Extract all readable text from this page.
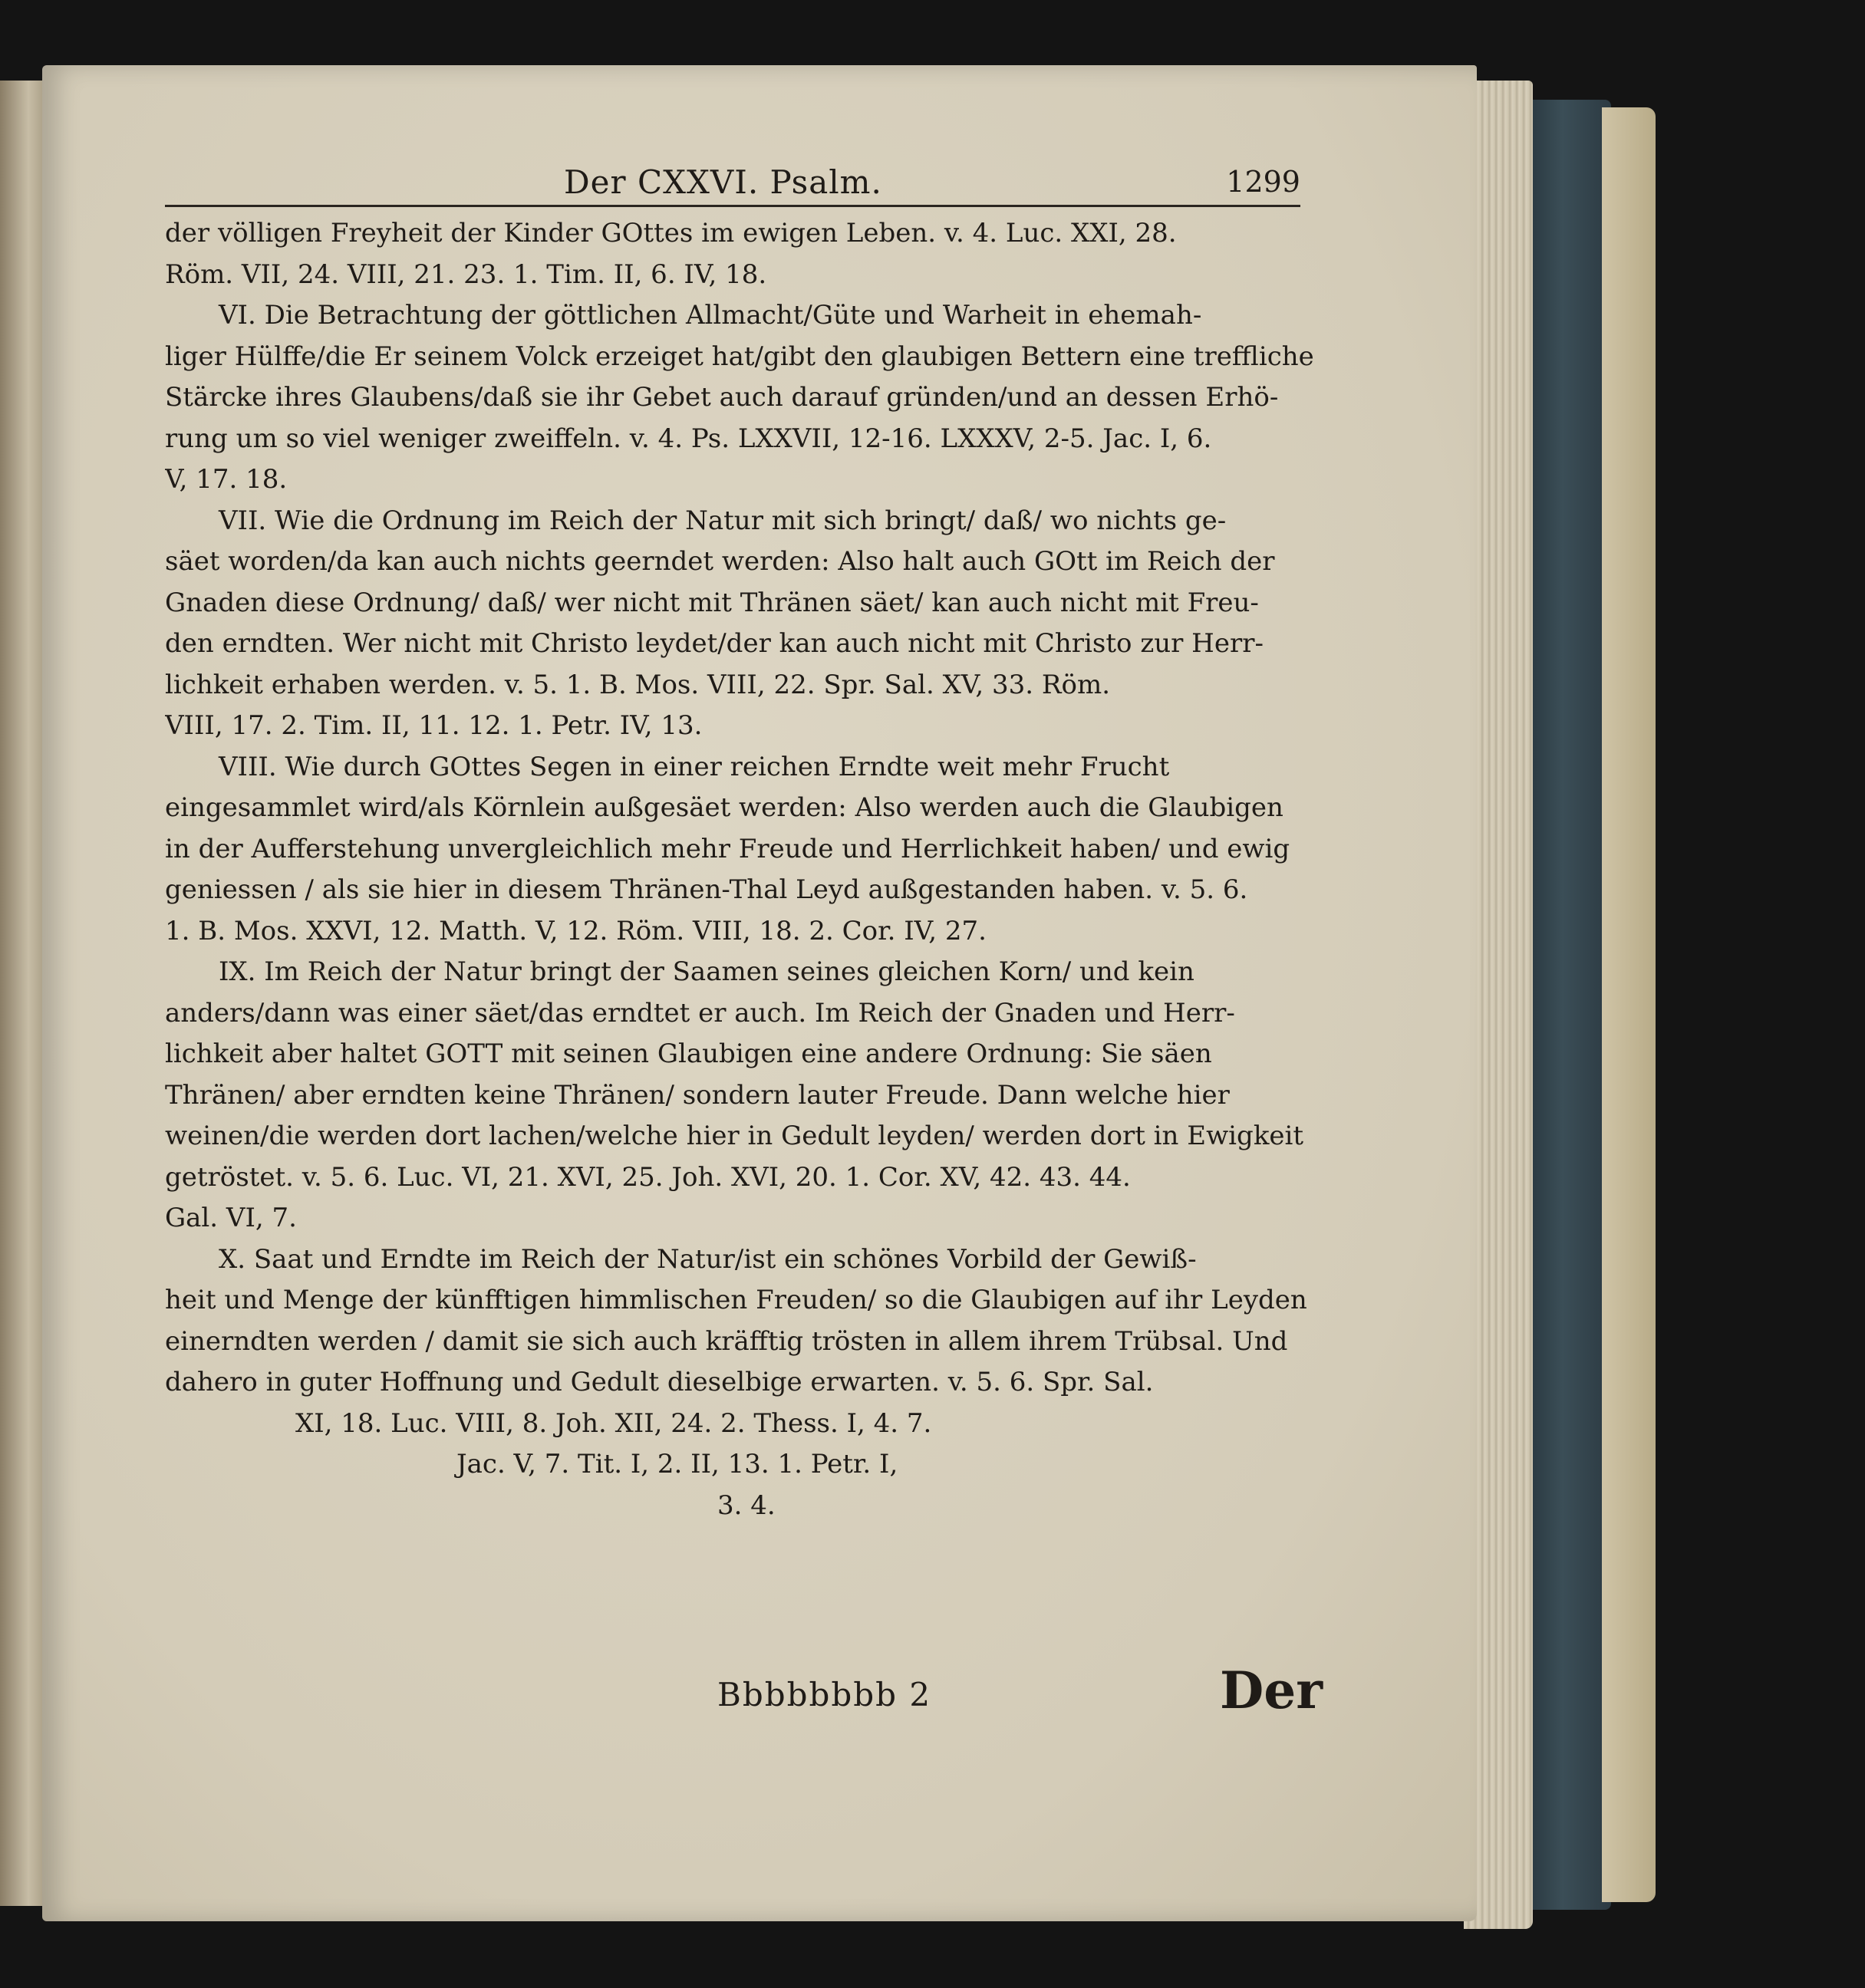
Der CXXVI. Psalm.	1299
der völligen Freyheit der Kinder GOttes im ewigen Leben. v. 4. Luc. XXI, 28.
Röm. VII, 24. VIII, 21. 23. 1. Tim. II, 6. IV, 18.
VI. Die Betrachtung der göttlichen Allmacht/Güte und Warheit in ehemah-
liger Hülffe/die Er seinem Volck erzeiget hat/gibt den glaubigen Bettern eine treffliche
Stärcke ihres Glaubens/daß sie ihr Gebet auch darauf gründen/und an dessen Erhö-
rung um so viel weniger zweiffeln. v. 4. Ps. LXXVII, 12-16. LXXXV, 2-5. Jac. I, 6.
V, 17. 18.
VII. Wie die Ordnung im Reich der Natur mit sich bringt/ daß/ wo nichts ge-
säet worden/da kan auch nichts geerndet werden: Also halt auch GOtt im Reich der
Gnaden diese Ordnung/ daß/ wer nicht mit Thränen säet/ kan auch nicht mit Freu-
den erndten. Wer nicht mit Christo leydet/der kan auch nicht mit Christo zur Herr-
lichkeit erhaben werden. v. 5. 1. B. Mos. VIII, 22. Spr. Sal. XV, 33. Röm.
VIII, 17. 2. Tim. II, 11. 12. 1. Petr. IV, 13.
VIII. Wie durch GOttes Segen in einer reichen Erndte weit mehr Frucht
eingesammlet wird/als Körnlein außgesäet werden: Also werden auch die Glaubigen
in der Aufferstehung unvergleichlich mehr Freude und Herrlichkeit haben/ und ewig
geniessen / als sie hier in diesem Thränen-Thal Leyd außgestanden haben. v. 5. 6.
1. B. Mos. XXVI, 12. Matth. V, 12. Röm. VIII, 18. 2. Cor. IV, 27.
IX. Im Reich der Natur bringt der Saamen seines gleichen Korn/ und kein
anders/dann was einer säet/das erndtet er auch. Im Reich der Gnaden und Herr-
lichkeit aber haltet GOTT mit seinen Glaubigen eine andere Ordnung: Sie säen
Thränen/ aber erndten keine Thränen/ sondern lauter Freude. Dann welche hier
weinen/die werden dort lachen/welche hier in Gedult leyden/ werden dort in Ewigkeit
getröstet. v. 5. 6. Luc. VI, 21. XVI, 25. Joh. XVI, 20. 1. Cor. XV, 42. 43. 44.
Gal. VI, 7.
X. Saat und Erndte im Reich der Natur/ist ein schönes Vorbild der Gewiß-
heit und Menge der künfftigen himmlischen Freuden/ so die Glaubigen auf ihr Leyden
einerndten werden / damit sie sich auch kräfftig trösten in allem ihrem Trübsal. Und
dahero in guter Hoffnung und Gedult dieselbige erwarten. v. 5. 6. Spr. Sal.
XI, 18. Luc. VIII, 8. Joh. XII, 24. 2. Thess. I, 4. 7.
Jac. V, 7. Tit. I, 2. II, 13. 1. Petr. I,
3. 4.
Bbbbbbbb 2	Der
